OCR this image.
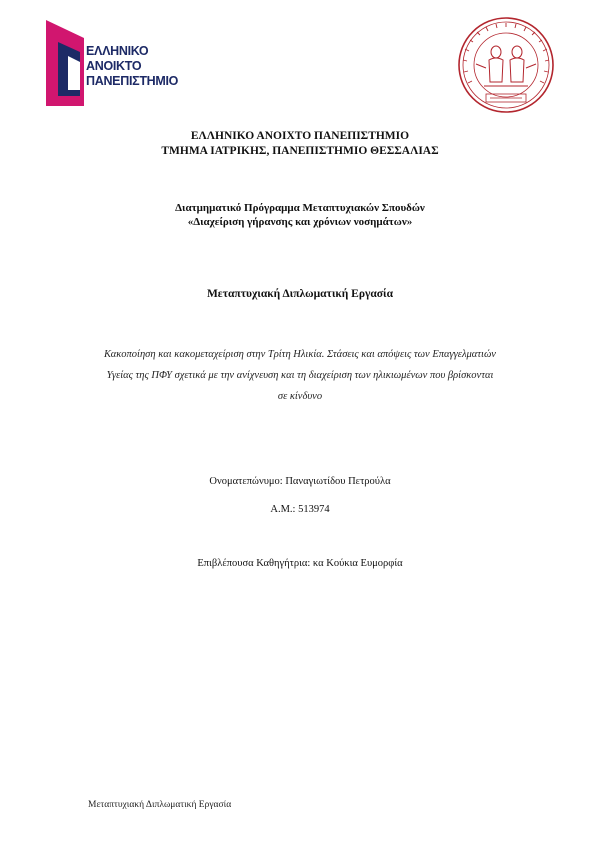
ΕΛΛΗΝΙΚΟ
ΑΝΟΙΚΤΟ
ΠΑΝΕΠΙΣΤΗΜΙΟ
ΕΛΛΗΝΙΚΟ ΑΝΟΙΧΤΟ ΠΑΝΕΠΙΣΤΗΜΙΟ
ΤΜΗΜΑ ΙΑΤΡΙΚΗΣ, ΠΑΝΕΠΙΣΤΗΜΙΟ ΘΕΣΣΑΛΙΑΣ
Διατμηματικό Πρόγραμμα Μεταπτυχιακών Σπουδών
«Διαχείριση γήρανσης και χρόνιων νοσημάτων»
Μεταπτυχιακή Διπλωματική Εργασία
Κακοποίηση και κακομεταχείριση στην Τρίτη Ηλικία. Στάσεις και απόψεις των Επαγγελματιών
Υγείας της ΠΦΥ σχετικά με την ανίχνευση και τη διαχείριση των ηλικιωμένων που βρίσκονται
σε κίνδυνο
Ονοματεπώνυμο: Παναγιωτίδου Πετρούλα
Α.Μ.: 513974
Επιβλέπουσα Καθηγήτρια: κα Κούκια Ευμορφία
Μεταπτυχιακή Διπλωματική Εργασία
